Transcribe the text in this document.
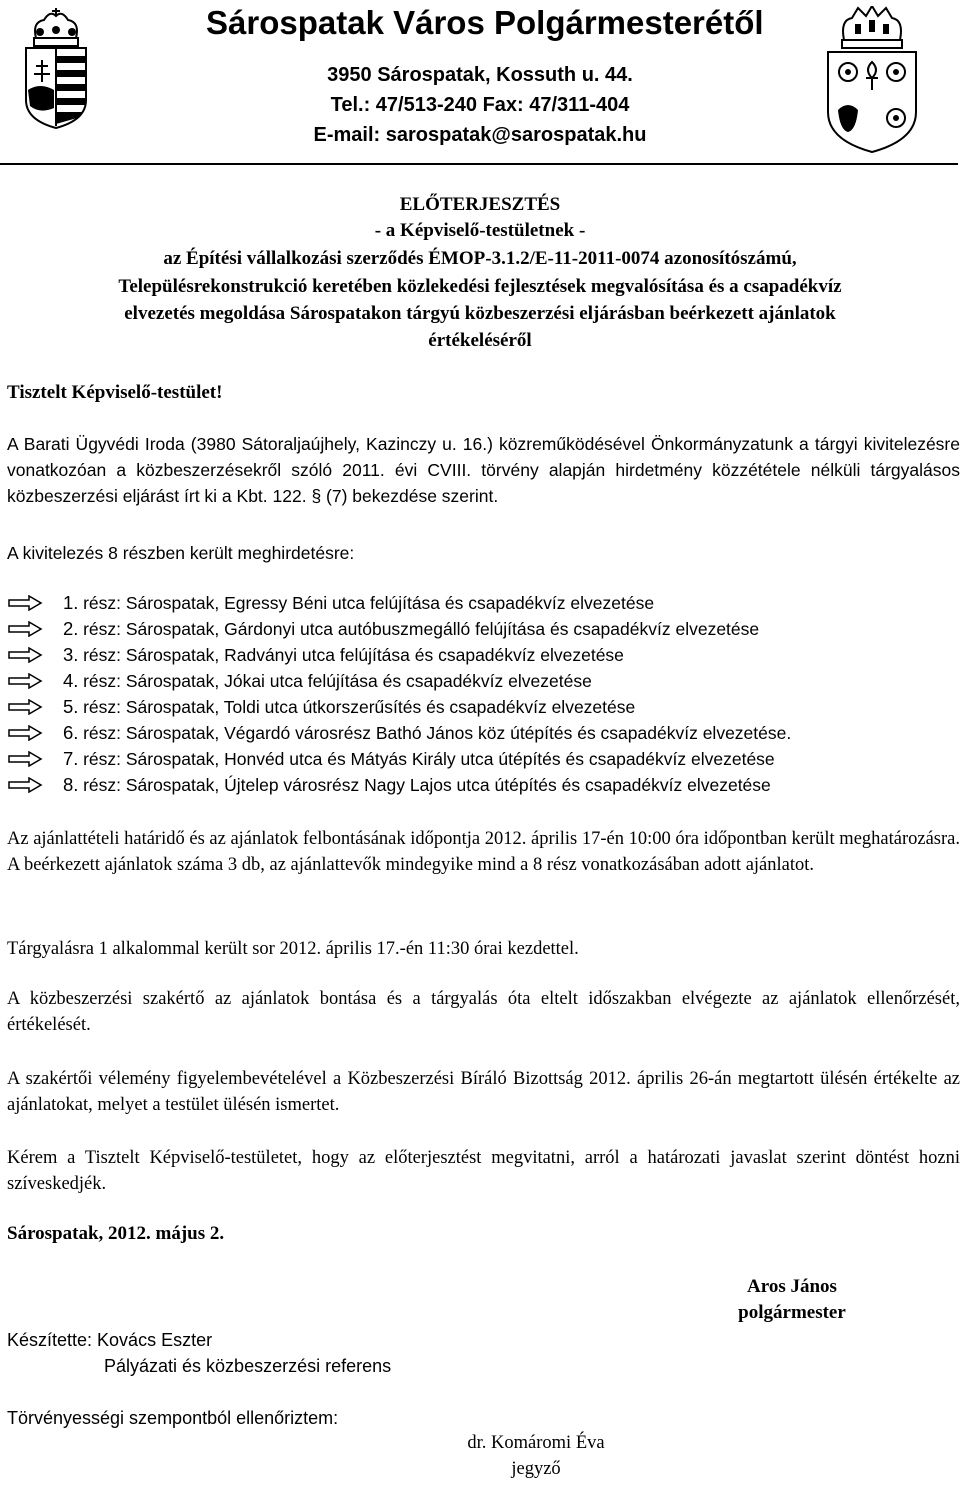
Sárospatak Város Polgármesterétől
3950 Sárospatak, Kossuth u. 44.
Tel.: 47/513-240 Fax: 47/311-404
E-mail: sarospatak@sarospatak.hu
ELŐTERJESZTÉS
- a Képviselő-testületnek -
az Építési vállalkozási szerződés ÉMOP-3.1.2/E-11-2011-0074 azonosítószámú,
Településrekonstrukció keretében közlekedési fejlesztések megvalósítása és a csapadékvíz
elvezetés megoldása Sárospatakon tárgyú közbeszerzési eljárásban beérkezett ajánlatok
értékeléséről
Tisztelt Képviselő-testület!
A Barati Ügyvédi Iroda (3980 Sátoraljaújhely, Kazinczy u. 16.) közreműködésével Önkormányzatunk a tárgyi kivitelezésre vonatkozóan a közbeszerzésekről szóló 2011. évi CVIII. törvény alapján hirdetmény közzététele nélküli tárgyalásos közbeszerzési eljárást írt ki a Kbt. 122. § (7) bekezdése szerint.
A kivitelezés 8 részben került meghirdetésre:
1.
rész: Sárospatak, Egressy Béni utca felújítása és csapadékvíz elvezetése
2.
rész: Sárospatak, Gárdonyi utca autóbuszmegálló felújítása és csapadékvíz elvezetése
3.
rész: Sárospatak, Radványi utca felújítása és csapadékvíz elvezetése
4.
rész: Sárospatak, Jókai utca felújítása és csapadékvíz elvezetése
5.
rész: Sárospatak, Toldi utca útkorszerűsítés és csapadékvíz elvezetése
6.
rész: Sárospatak, Végardó városrész Bathó János köz útépítés és csapadékvíz elvezetése.
7.
rész: Sárospatak, Honvéd utca és Mátyás Király utca útépítés és csapadékvíz elvezetése
8.
rész: Sárospatak, Újtelep városrész Nagy Lajos utca útépítés és csapadékvíz elvezetése
Az ajánlattételi határidő és az ajánlatok felbontásának időpontja 2012. április 17-én 10:00 óra időpontban került meghatározásra. A beérkezett ajánlatok száma 3 db, az ajánlattevők mindegyike mind a 8 rész vonatkozásában adott ajánlatot.
Tárgyalásra 1 alkalommal került sor 2012. április 17.-én 11:30 órai kezdettel.
A közbeszerzési szakértő az ajánlatok bontása és a tárgyalás óta eltelt időszakban elvégezte az ajánlatok ellenőrzését, értékelését.
A szakértői vélemény figyelembevételével a Közbeszerzési Bíráló Bizottság 2012. április 26-án megtartott ülésén értékelte az ajánlatokat, melyet a testület ülésén ismertet.
Kérem a Tisztelt Képviselő-testületet, hogy az előterjesztést megvitatni, arról a határozati javaslat szerint döntést hozni szíveskedjék.
Sárospatak, 2012. május 2.
Aros János
polgármester
Készítette: Kovács Eszter
Pályázati és közbeszerzési referens
Törvényességi szempontból ellenőriztem:
dr. Komáromi Éva
jegyző
